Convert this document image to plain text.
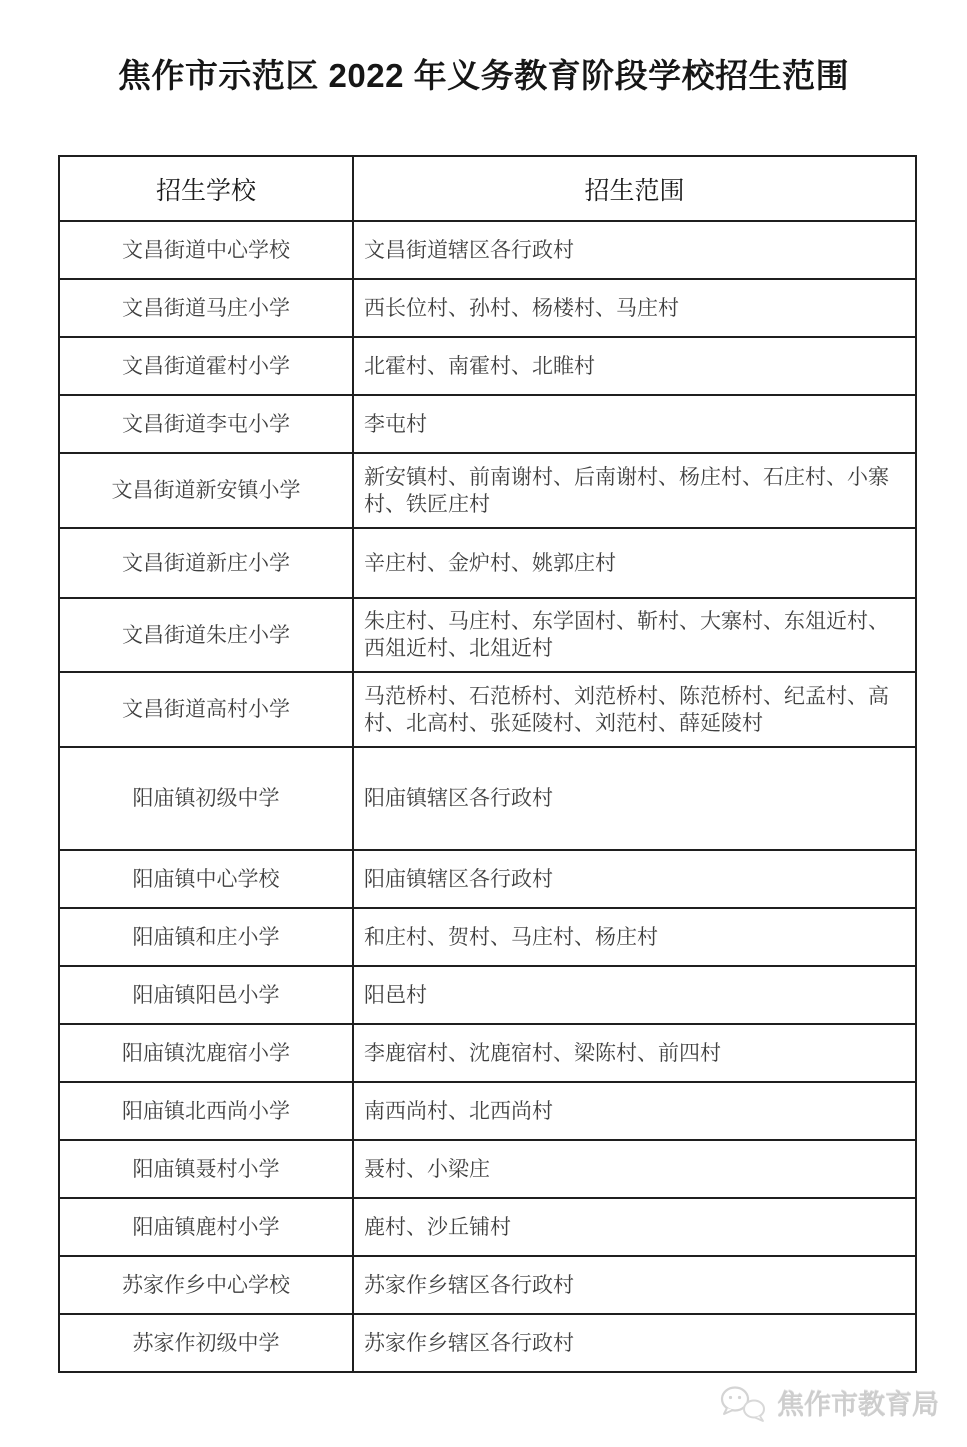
焦作市示范区 2022 年义务教育阶段学校招生范围
招生学校	招生范围
文昌街道中心学校	文昌街道辖区各行政村
文昌街道马庄小学	西长位村、孙村、杨楼村、马庄村
文昌街道霍村小学	北霍村、南霍村、北睢村
文昌街道李屯小学	李屯村
文昌街道新安镇小学	新安镇村、前南谢村、后南谢村、杨庄村、石庄村、小寨村、铁匠庄村
文昌街道新庄小学	辛庄村、金炉村、姚郭庄村
文昌街道朱庄小学	朱庄村、马庄村、东学固村、靳村、大寨村、东俎近村、西俎近村、北俎近村
文昌街道高村小学	马范桥村、石范桥村、刘范桥村、陈范桥村、纪孟村、高村、北高村、张延陵村、刘范村、薛延陵村
阳庙镇初级中学	阳庙镇辖区各行政村
阳庙镇中心学校	阳庙镇辖区各行政村
阳庙镇和庄小学	和庄村、贺村、马庄村、杨庄村
阳庙镇阳邑小学	阳邑村
阳庙镇沈鹿宿小学	李鹿宿村、沈鹿宿村、梁陈村、前四村
阳庙镇北西尚小学	南西尚村、北西尚村
阳庙镇聂村小学	聂村、小梁庄
阳庙镇鹿村小学	鹿村、沙丘铺村
苏家作乡中心学校	苏家作乡辖区各行政村
苏家作初级中学	苏家作乡辖区各行政村
焦作市教育局
